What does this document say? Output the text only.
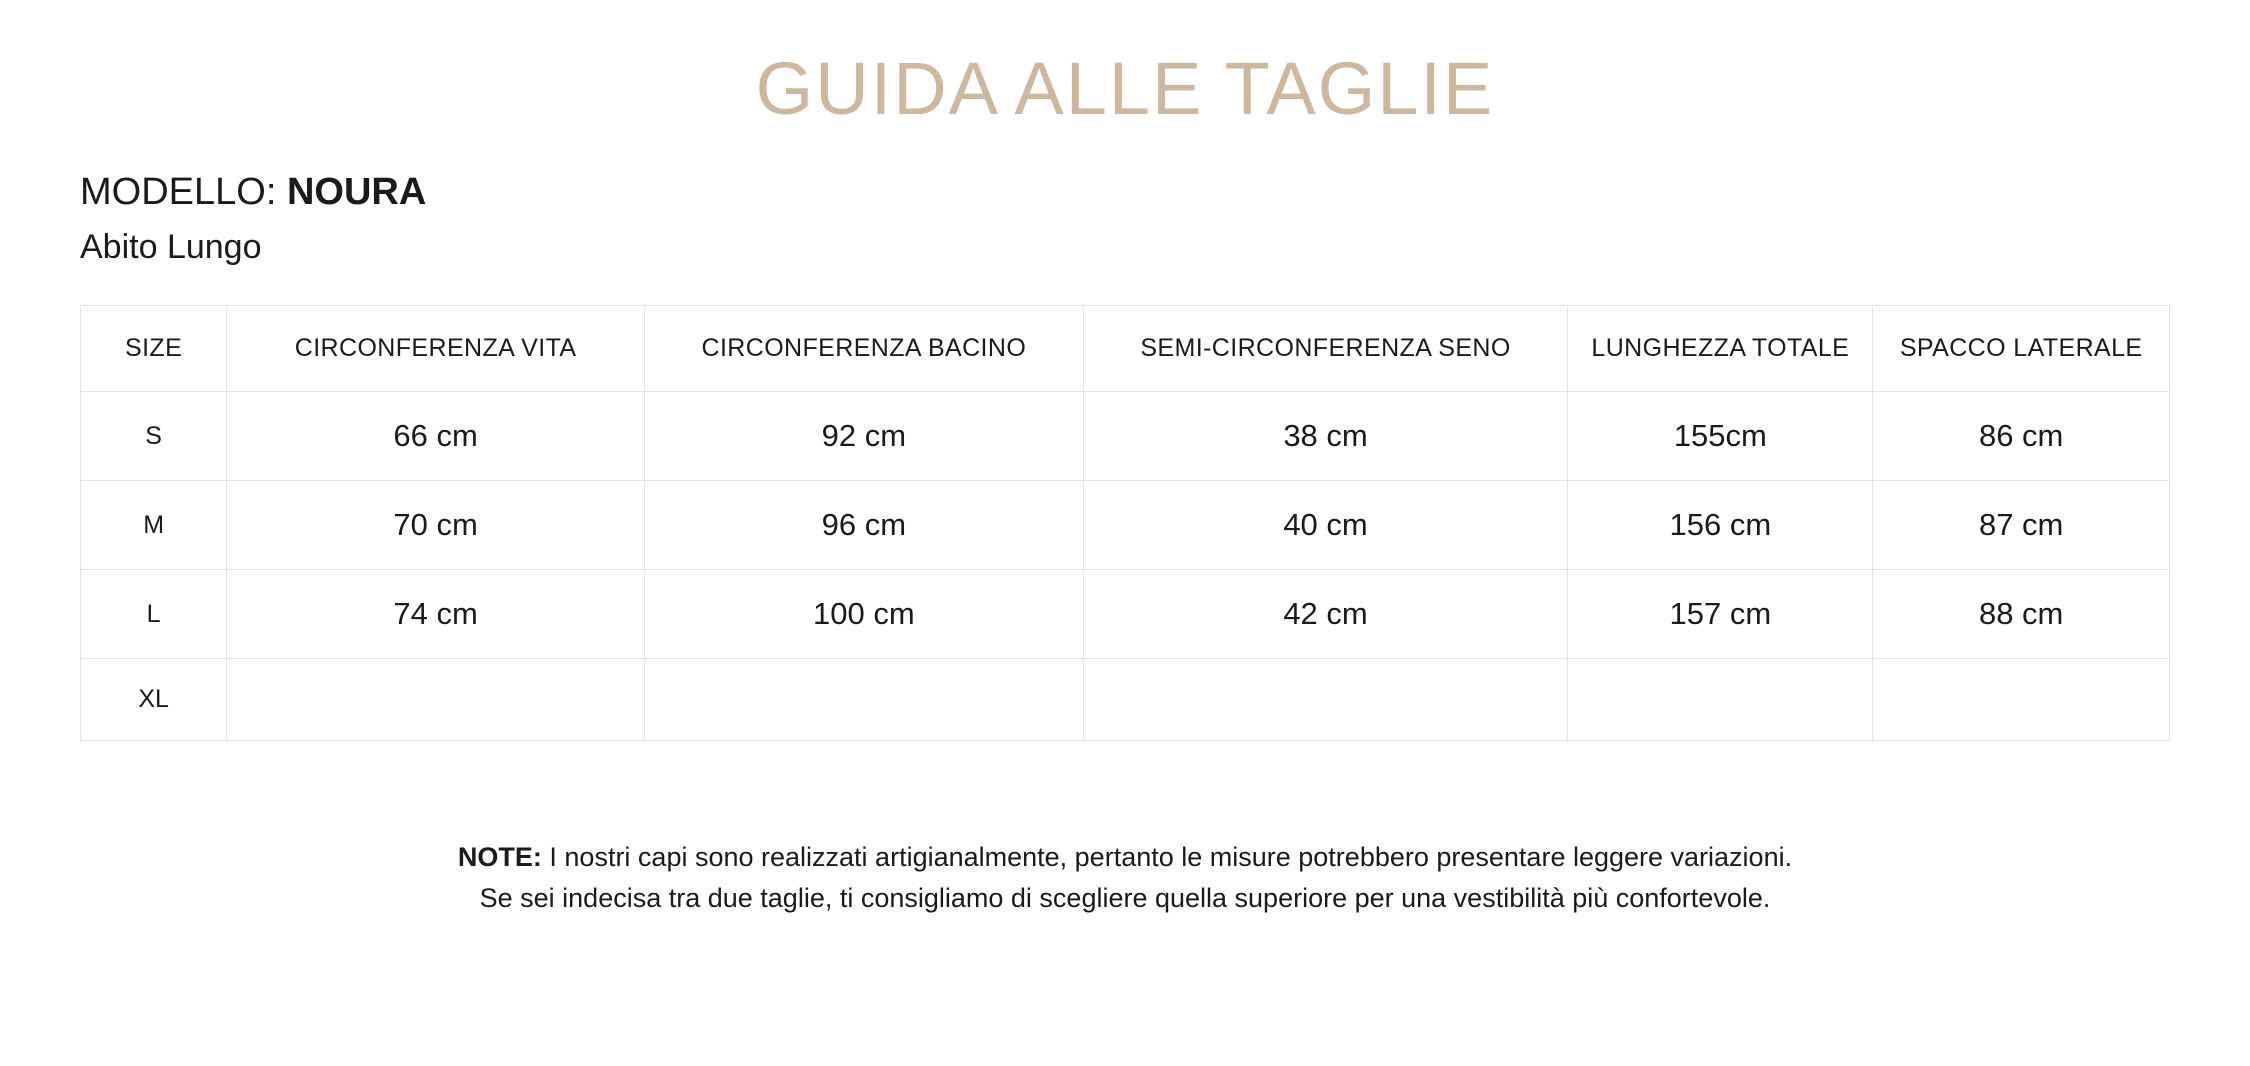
GUIDA ALLE TAGLIE
MODELLO: NOURA
Abito Lungo
SIZE	CIRCONFERENZA VITA	CIRCONFERENZA BACINO	SEMI-CIRCONFERENZA SENO	LUNGHEZZA TOTALE	SPACCO LATERALE
S	66 cm	92 cm	38 cm	155cm	86 cm
M	70 cm	96 cm	40 cm	156 cm	87 cm
L	74 cm	100 cm	42 cm	157 cm	88 cm
XL					
NOTE: I nostri capi sono realizzati artigianalmente, pertanto le misure potrebbero presentare leggere variazioni.
Se sei indecisa tra due taglie, ti consigliamo di scegliere quella superiore per una vestibilità più confortevole.
